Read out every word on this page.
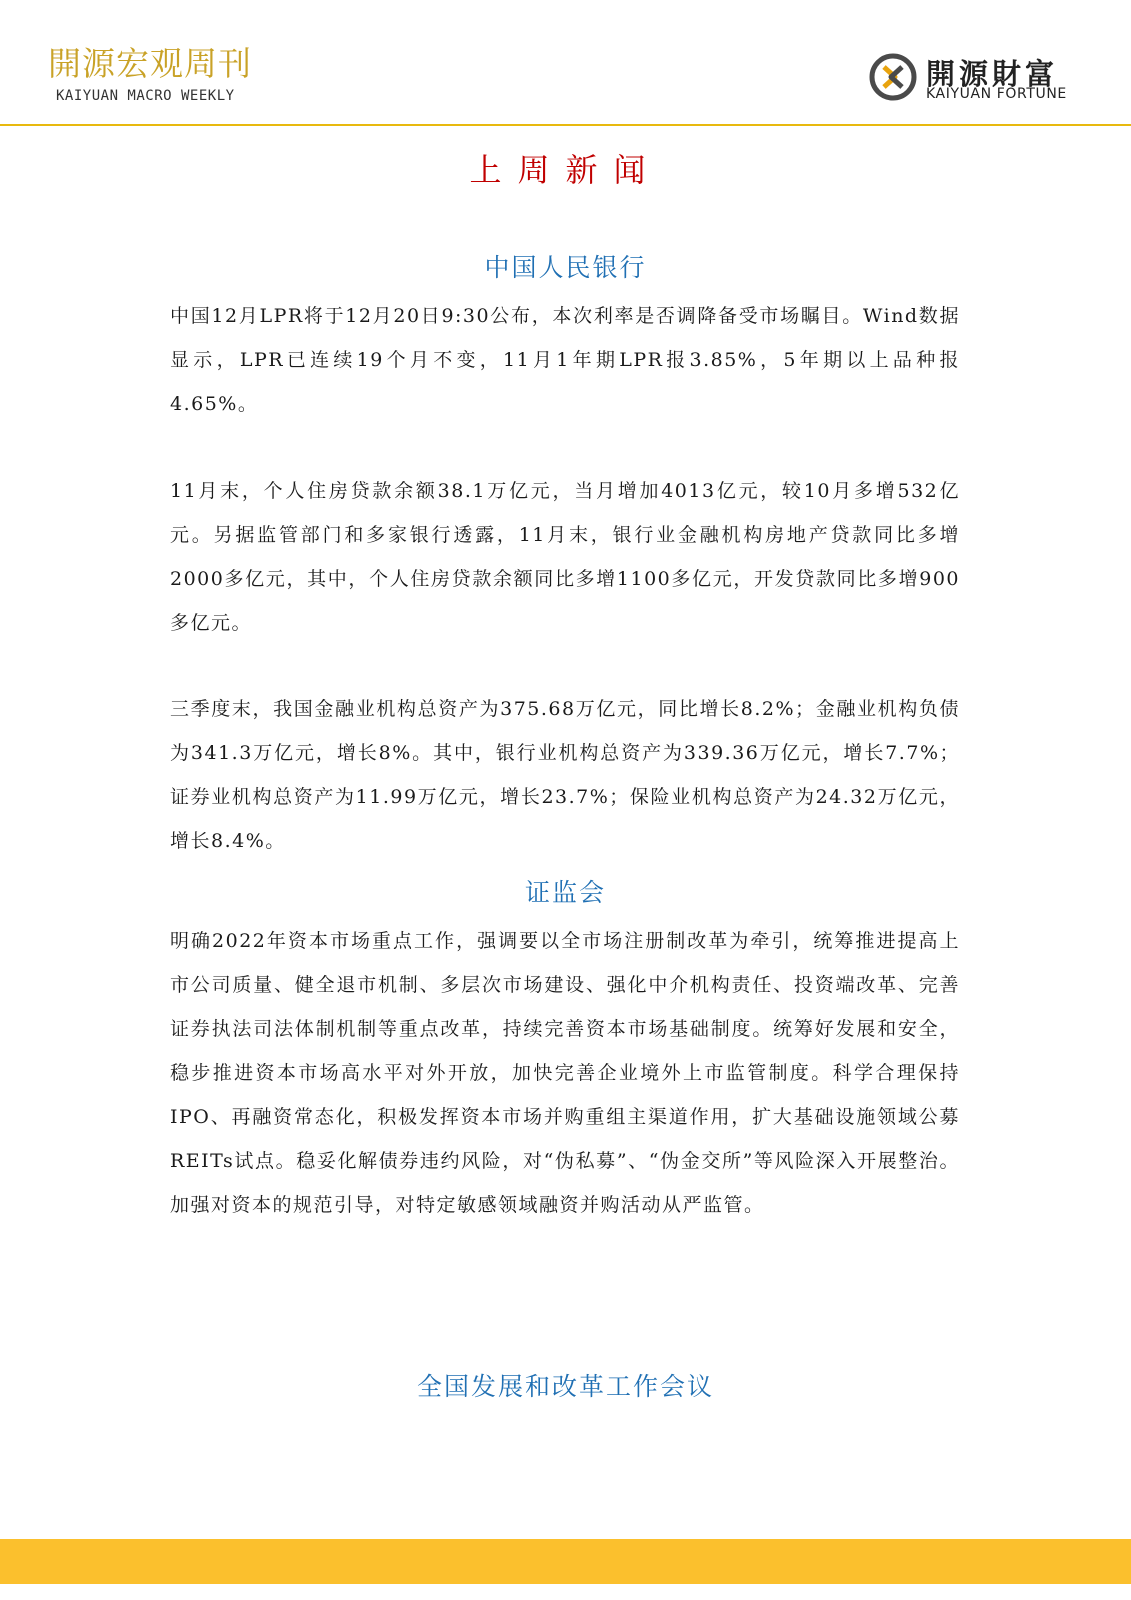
開源宏观周刊
KAIYUAN MACRO WEEKLY
開源財富
KAIYUAN FORTUNE
上周新闻
中国人民银行

中国12月LPR将于12月20日9:30公布，本次利率是否调降备受市场瞩目。Wind数据显示，LPR已连续19个月不变，11月1年期LPR报3.85%，5年期以上品种报4.65%。

11月末，个人住房贷款余额38.1万亿元，当月增加4013亿元，较10月多增532亿元。另据监管部门和多家银行透露，11月末，银行业金融机构房地产贷款同比多增2000多亿元，其中，个人住房贷款余额同比多增1100多亿元，开发贷款同比多增900多亿元。

三季度末，我国金融业机构总资产为375.68万亿元，同比增长8.2%；金融业机构负债为341.3万亿元，增长8%。其中，银行业机构总资产为339.36万亿元，增长7.7%；证券业机构总资产为11.99万亿元，增长23.7%；保险业机构总资产为24.32万亿元，增长8.4%。

证监会

明确2022年资本市场重点工作，强调要以全市场注册制改革为牵引，统筹推进提高上市公司质量、健全退市机制、多层次市场建设、强化中介机构责任、投资端改革、完善证券执法司法体制机制等重点改革，持续完善资本市场基础制度。统筹好发展和安全，稳步推进资本市场高水平对外开放，加快完善企业境外上市监管制度。科学合理保持IPO、再融资常态化，积极发挥资本市场并购重组主渠道作用，扩大基础设施领域公募REITs试点。稳妥化解债券违约风险，对“伪私募”、“伪金交所”等风险深入开展整治。加强对资本的规范引导，对特定敏感领域融资并购活动从严监管。

全国发展和改革工作会议
